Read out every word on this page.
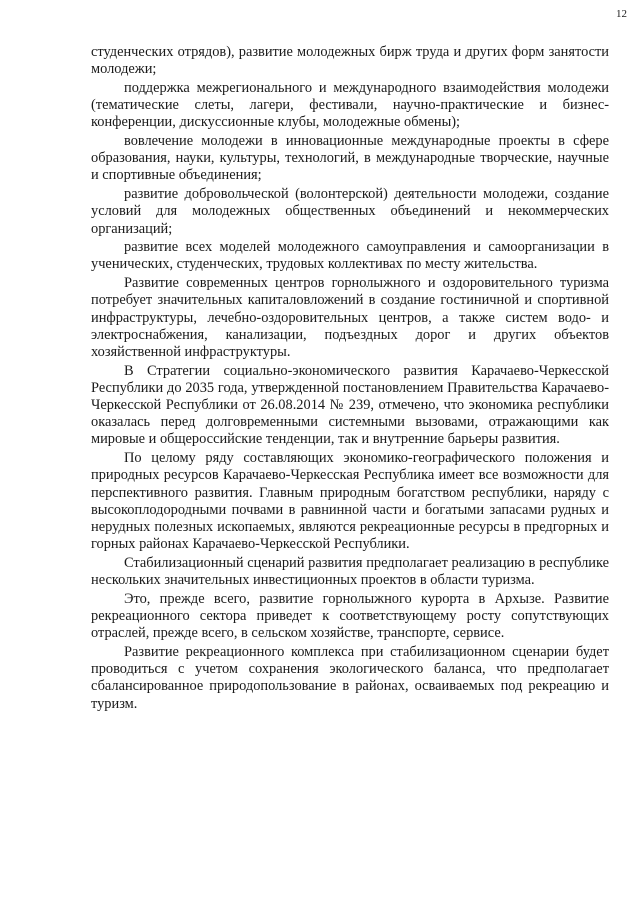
12

студенческих отрядов), развитие молодежных бирж труда и других форм занятости молодежи;

поддержка межрегионального и международного взаимодействия молодежи (тематические слеты, лагери, фестивали, научно-практические и бизнес-конференции, дискуссионные клубы, молодежные обмены);

вовлечение молодежи в инновационные международные проекты в сфере образования, науки, культуры, технологий, в международные творческие, научные и спортивные объединения;

развитие добровольческой (волонтерской) деятельности молодежи, создание условий для молодежных общественных объединений и некоммерческих организаций;

развитие всех моделей молодежного самоуправления и самоорганизации в ученических, студенческих, трудовых коллективах по месту жительства.

Развитие современных центров горнолыжного и оздоровительного туризма потребует значительных капиталовложений в создание гостиничной и спортивной инфраструктуры, лечебно-оздоровительных центров, а также систем водо- и электроснабжения, канализации, подъездных дорог и других объектов хозяйственной инфраструктуры.

В Стратегии социально-экономического развития Карачаево-Черкесской Республики до 2035 года, утвержденной постановлением Правительства Карачаево-Черкесской Республики от 26.08.2014 № 239, отмечено, что экономика республики оказалась перед долговременными системными вызовами, отражающими как мировые и общероссийские тенденции, так и внутренние барьеры развития.

По целому ряду составляющих экономико-географического положения и природных ресурсов Карачаево-Черкесская Республика имеет все возможности для перспективного развития. Главным природным богатством республики, наряду с высокоплодородными почвами в равнинной части и богатыми запасами рудных и нерудных полезных ископаемых, являются рекреационные ресурсы в предгорных и горных районах Карачаево-Черкесской Республики.

Стабилизационный сценарий развития предполагает реализацию в республике нескольких значительных инвестиционных проектов в области туризма.

Это, прежде всего, развитие горнолыжного курорта в Архызе. Развитие рекреационного сектора приведет к соответствующему росту сопутствующих отраслей, прежде всего, в сельском хозяйстве, транспорте, сервисе.

Развитие рекреационного комплекса при стабилизационном сценарии будет проводиться с учетом сохранения экологического баланса, что предполагает сбалансированное природопользование в районах, осваиваемых под рекреацию и туризм.
